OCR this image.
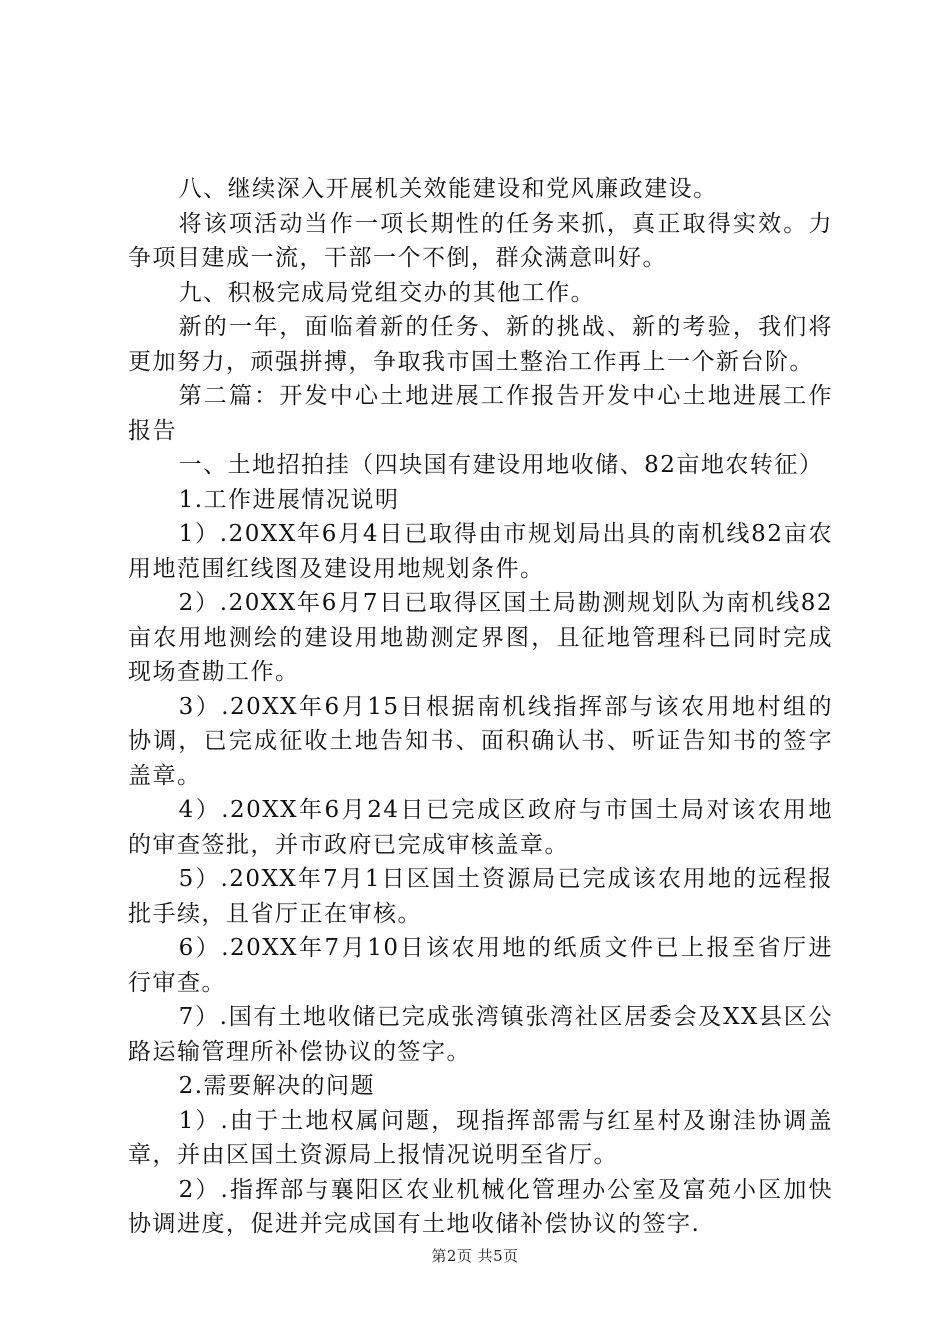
八、继续深入开展机关效能建设和党风廉政建设。

将该项活动当作一项长期性的任务来抓，真正取得实效。力争项目建成一流，干部一个不倒，群众满意叫好。

九、积极完成局党组交办的其他工作。

新的一年，面临着新的任务、新的挑战、新的考验，我们将更加努力，顽强拼搏，争取我市国土整治工作再上一个新台阶。

第二篇：开发中心土地进展工作报告开发中心土地进展工作报告

一、土地招拍挂（四块国有建设用地收储、82亩地农转征）

1.工作进展情况说明

1）.20XX年6月4日已取得由市规划局出具的南机线82亩农用地范围红线图及建设用地规划条件。

2）.20XX年6月7日已取得区国土局勘测规划队为南机线82亩农用地测绘的建设用地勘测定界图，且征地管理科已同时完成现场查勘工作。

3）.20XX年6月15日根据南机线指挥部与该农用地村组的协调，已完成征收土地告知书、面积确认书、听证告知书的签字盖章。

4）.20XX年6月24日已完成区政府与市国土局对该农用地的审查签批，并市政府已完成审核盖章。

5）.20XX年7月1日区国土资源局已完成该农用地的远程报批手续，且省厅正在审核。

6）.20XX年7月10日该农用地的纸质文件已上报至省厅进行审查。

7）.国有土地收储已完成张湾镇张湾社区居委会及XX县区公路运输管理所补偿协议的签字。

2.需要解决的问题

1）.由于土地权属问题，现指挥部需与红星村及谢洼协调盖章，并由区国土资源局上报情况说明至省厅。

2）.指挥部与襄阳区农业机械化管理办公室及富苑小区加快协调进度，促进并完成国有土地收储补偿协议的签字.

第2页 共5页
